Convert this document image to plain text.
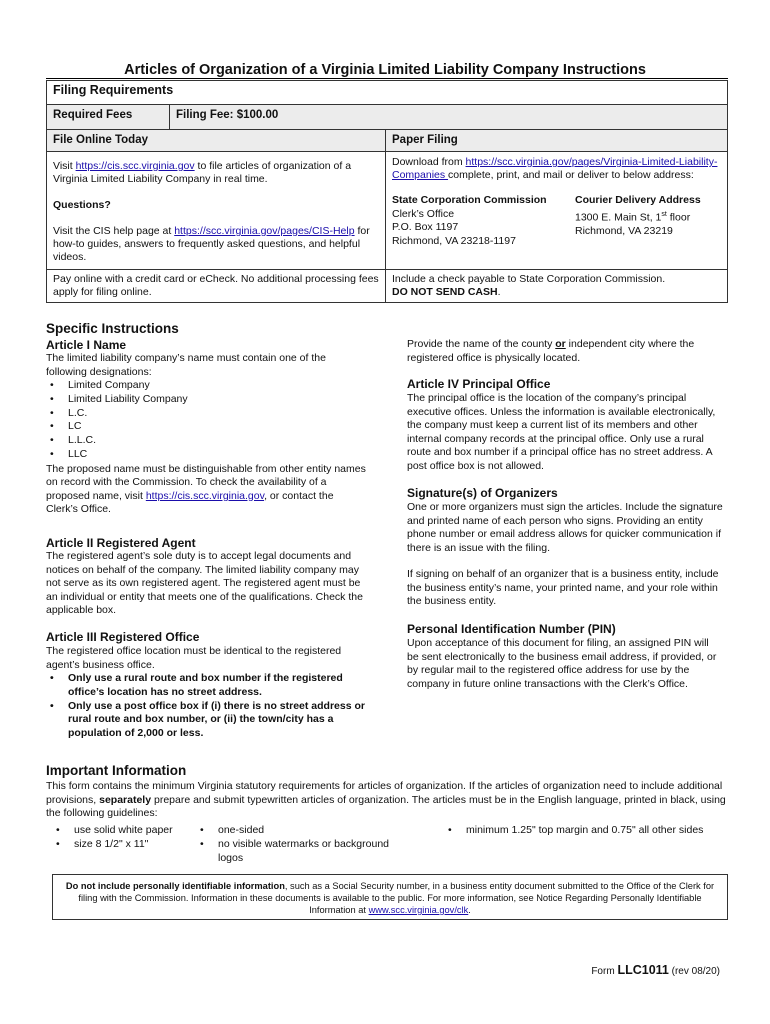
Articles of Organization of a Virginia Limited Liability Company Instructions
Filing Requirements
Required Fees	Filing Fee: $100.00
File Online Today
Visit https://cis.scc.virginia.gov to file articles of organization of a Virginia Limited Liability Company in real time.
Questions?
Visit the CIS help page at https://scc.virginia.gov/pages/CIS-Help for how-to guides, answers to frequently asked questions, and helpful videos.
Pay online with a credit card or eCheck. No additional processing fees apply for filing online.
Paper Filing
Download from https://scc.virginia.gov/pages/Virginia-Limited-Liability-Companies complete, print, and mail or deliver to below address:
State Corporation Commission
Clerk’s Office
P.O. Box 1197
Richmond, VA 23218-1197
Courier Delivery Address
1300 E. Main St, 1st floor
Richmond, VA 23219
Include a check payable to State Corporation Commission.
DO NOT SEND CASH.
Specific Instructions
Article I Name
The limited liability company’s name must contain one of the following designations:
• Limited Company
• Limited Liability Company
• L.C.
• LC
• L.L.C.
• LLC
The proposed name must be distinguishable from other entity names on record with the Commission. To check the availability of a proposed name, visit https://cis.scc.virginia.gov, or contact the Clerk’s Office.
Article II Registered Agent
The registered agent’s sole duty is to accept legal documents and notices on behalf of the company. The limited liability company may not serve as its own registered agent. The registered agent must be an individual or entity that meets one of the qualifications. Check the applicable box.
Article III Registered Office
The registered office location must be identical to the registered agent’s business office.
• Only use a rural route and box number if the registered office’s location has no street address.
• Only use a post office box if (i) there is no street address or rural route and box number, or (ii) the town/city has a population of 2,000 or less.
Provide the name of the county or independent city where the registered office is physically located.
Article IV Principal Office
The principal office is the location of the company’s principal executive offices. Unless the information is available electronically, the company must keep a current list of its members and other internal company records at the principal office. Only use a rural route and box number if a principal office has no street address. A post office box is not allowed.
Signature(s) of Organizers
One or more organizers must sign the articles. Include the signature and printed name of each person who signs. Providing an entity phone number or email address allows for quicker communication if there is an issue with the filing.
If signing on behalf of an organizer that is a business entity, include the business entity’s name, your printed name, and your role within the business entity.
Personal Identification Number (PIN)
Upon acceptance of this document for filing, an assigned PIN will be sent electronically to the business email address, if provided, or by regular mail to the registered office address for use by the company in future online transactions with the Clerk’s Office.
Important Information
This form contains the minimum Virginia statutory requirements for articles of organization. If the articles of organization need to include additional provisions, separately prepare and submit typewritten articles of organization. The articles must be in the English language, printed in black, using the following guidelines:
• use solid white paper
• size 8 1/2" x 11"
• one-sided
• no visible watermarks or background logos
• minimum 1.25" top margin and 0.75" all other sides
Do not include personally identifiable information, such as a Social Security number, in a business entity document submitted to the Office of the Clerk for filing with the Commission. Information in these documents is available to the public. For more information, see Notice Regarding Personally Identifiable Information at www.scc.virginia.gov/clk.
Form LLC1011 (rev 08/20)
